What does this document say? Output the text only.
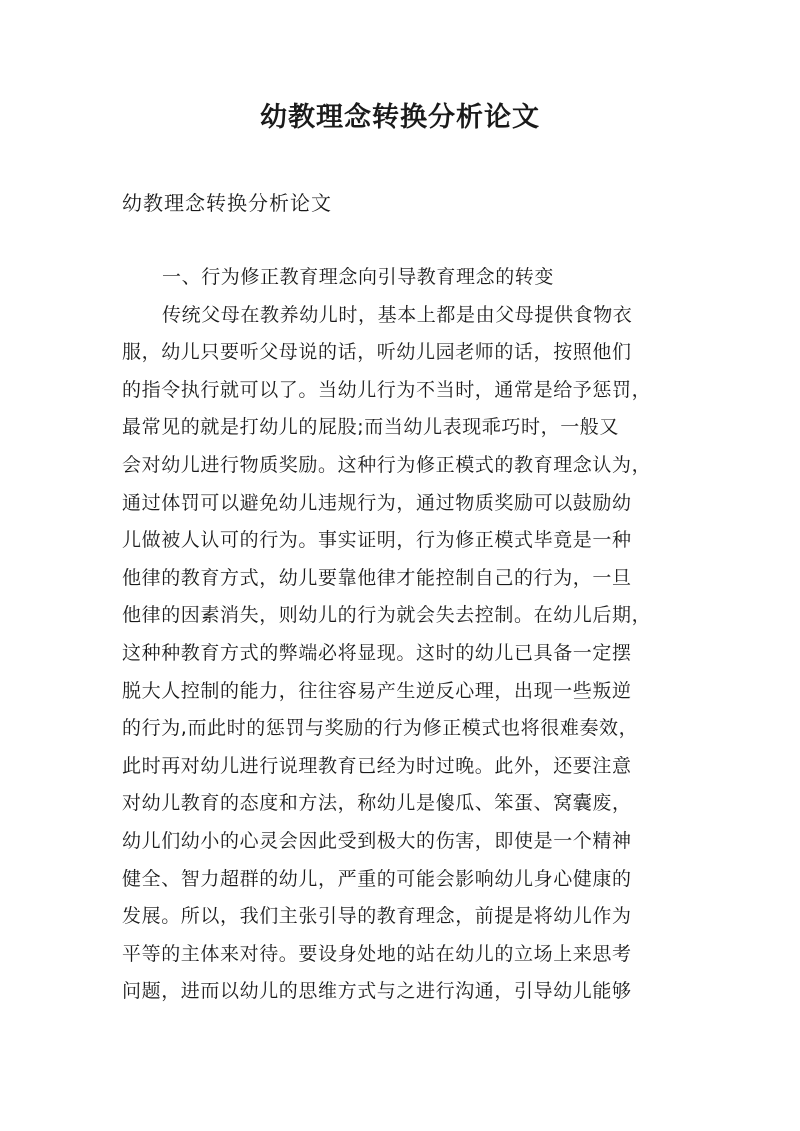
幼教理念转换分析论文

幼教理念转换分析论文

一、行为修正教育理念向引导教育理念的转变
传统父母在教养幼儿时，基本上都是由父母提供食物衣
服，幼儿只要听父母说的话，听幼儿园老师的话，按照他们
的指令执行就可以了。当幼儿行为不当时，通常是给予惩罚，
最常见的就是打幼儿的屁股;而当幼儿表现乖巧时，一般又
会对幼儿进行物质奖励。这种行为修正模式的教育理念认为，
通过体罚可以避免幼儿违规行为，通过物质奖励可以鼓励幼
儿做被人认可的行为。事实证明，行为修正模式毕竟是一种
他律的教育方式，幼儿要靠他律才能控制自己的行为，一旦
他律的因素消失，则幼儿的行为就会失去控制。在幼儿后期，
这种种教育方式的弊端必将显现。这时的幼儿已具备一定摆
脱大人控制的能力，往往容易产生逆反心理，出现一些叛逆
的行为,而此时的惩罚与奖励的行为修正模式也将很难奏效，
此时再对幼儿进行说理教育已经为时过晚。此外，还要注意
对幼儿教育的态度和方法，称幼儿是傻瓜、笨蛋、窝囊废，
幼儿们幼小的心灵会因此受到极大的伤害，即使是一个精神
健全、智力超群的幼儿，严重的可能会影响幼儿身心健康的
发展。所以，我们主张引导的教育理念，前提是将幼儿作为
平等的主体来对待。要设身处地的站在幼儿的立场上来思考
问题，进而以幼儿的思维方式与之进行沟通，引导幼儿能够
